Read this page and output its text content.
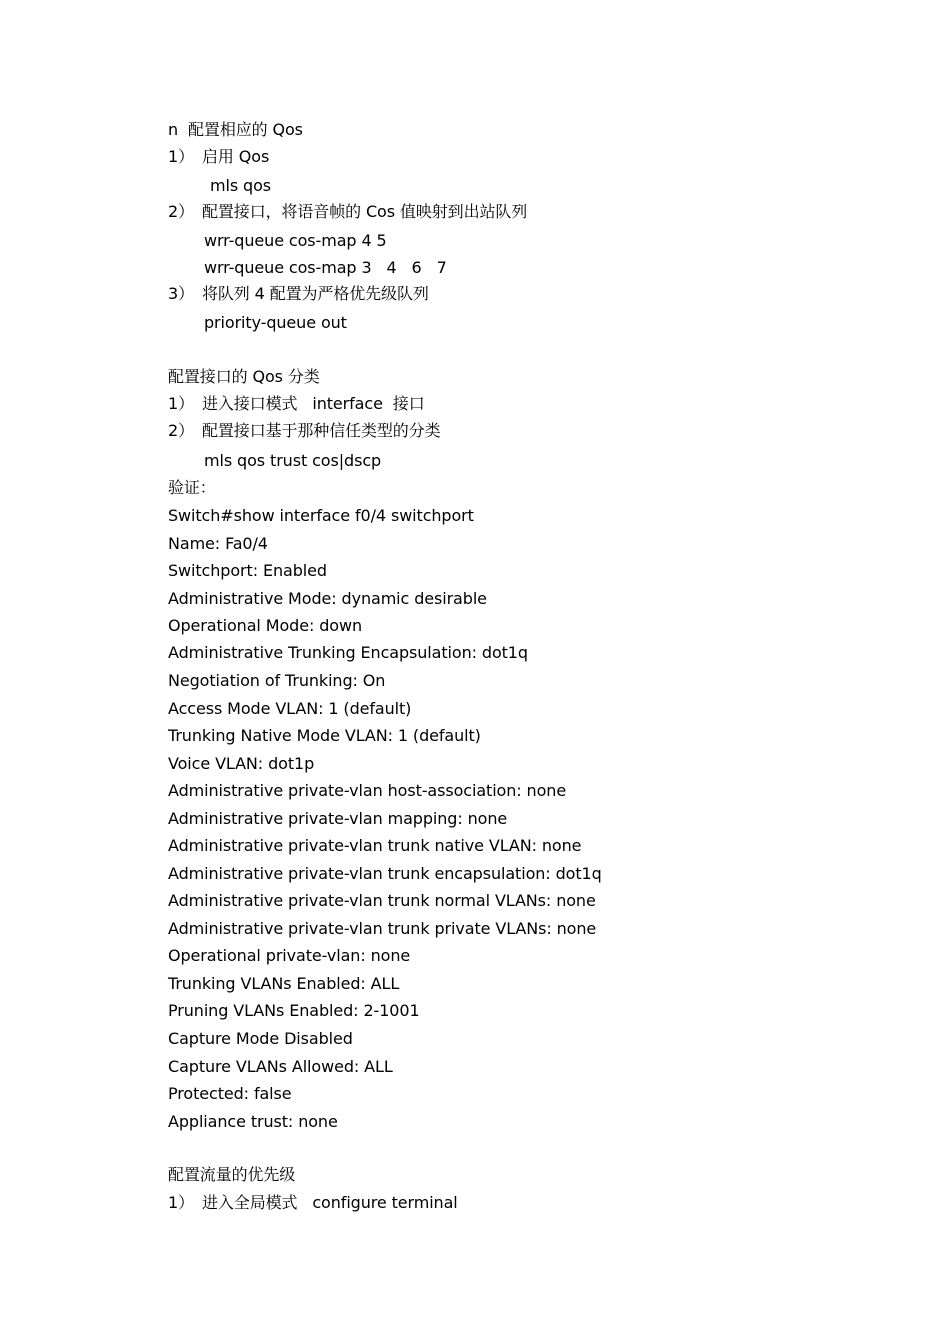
n  配置相应的 Qos
1） 启用 Qos
mls qos
2） 配置接口，将语音帧的 Cos 值映射到出站队列
wrr-queue cos-map 4 5
wrr-queue cos-map 3   4   6   7
3） 将队列 4 配置为严格优先级队列
priority-queue out
配置接口的 Qos 分类
1） 进入接口模式   interface  接口
2） 配置接口基于那种信任类型的分类
mls qos trust cos|dscp
验证：
Switch#show interface f0/4 switchport
Name: Fa0/4
Switchport: Enabled
Administrative Mode: dynamic desirable
Operational Mode: down
Administrative Trunking Encapsulation: dot1q
Negotiation of Trunking: On
Access Mode VLAN: 1 (default)
Trunking Native Mode VLAN: 1 (default)
Voice VLAN: dot1p
Administrative private-vlan host-association: none
Administrative private-vlan mapping: none
Administrative private-vlan trunk native VLAN: none
Administrative private-vlan trunk encapsulation: dot1q
Administrative private-vlan trunk normal VLANs: none
Administrative private-vlan trunk private VLANs: none
Operational private-vlan: none
Trunking VLANs Enabled: ALL
Pruning VLANs Enabled: 2-1001
Capture Mode Disabled
Capture VLANs Allowed: ALL
Protected: false
Appliance trust: none
配置流量的优先级
1） 进入全局模式   configure terminal
